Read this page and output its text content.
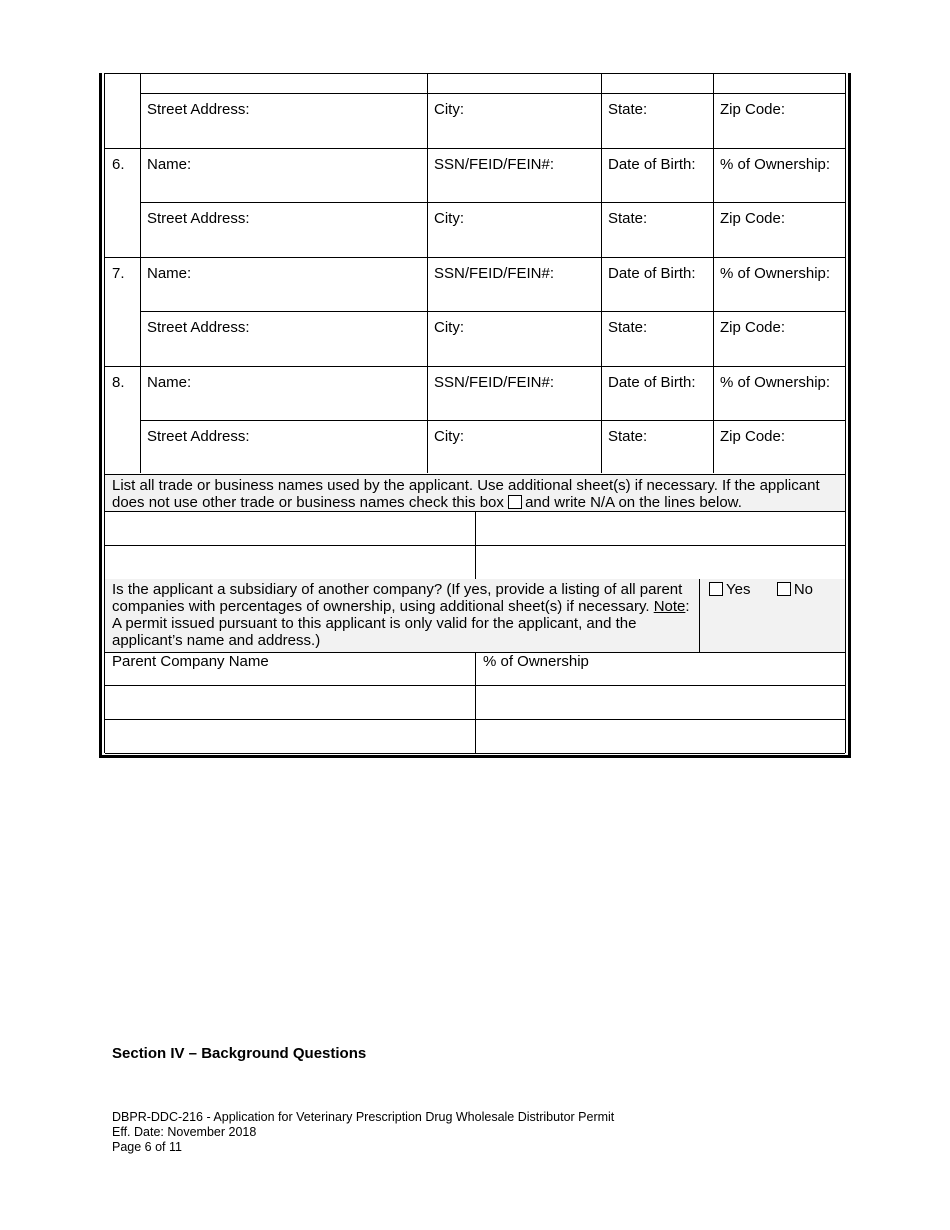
Street Address:	City:	State:	Zip Code:
6.	Name:	SSN/FEID/FEIN#:	Date of Birth:	% of Ownership:
Street Address:	City:	State:	Zip Code:
7.	Name:	SSN/FEID/FEIN#:	Date of Birth:	% of Ownership:
Street Address:	City:	State:	Zip Code:
8.	Name:	SSN/FEID/FEIN#:	Date of Birth:	% of Ownership:
Street Address:	City:	State:	Zip Code:
List all trade or business names used by the applicant. Use additional sheet(s) if necessary. If the applicant does not use other trade or business names check this box and write N/A on the lines below.
Is the applicant a subsidiary of another company? (If yes, provide a listing of all parent companies with percentages of ownership, using additional sheet(s) if necessary. Note: A permit issued pursuant to this applicant is only valid for the applicant, and the applicant’s name and address.)
Yes	No
Parent Company Name	% of Ownership
Section IV – Background Questions
DBPR-DDC-216 - Application for Veterinary Prescription Drug Wholesale Distributor Permit
Eff. Date: November 2018
Page 6 of 11
